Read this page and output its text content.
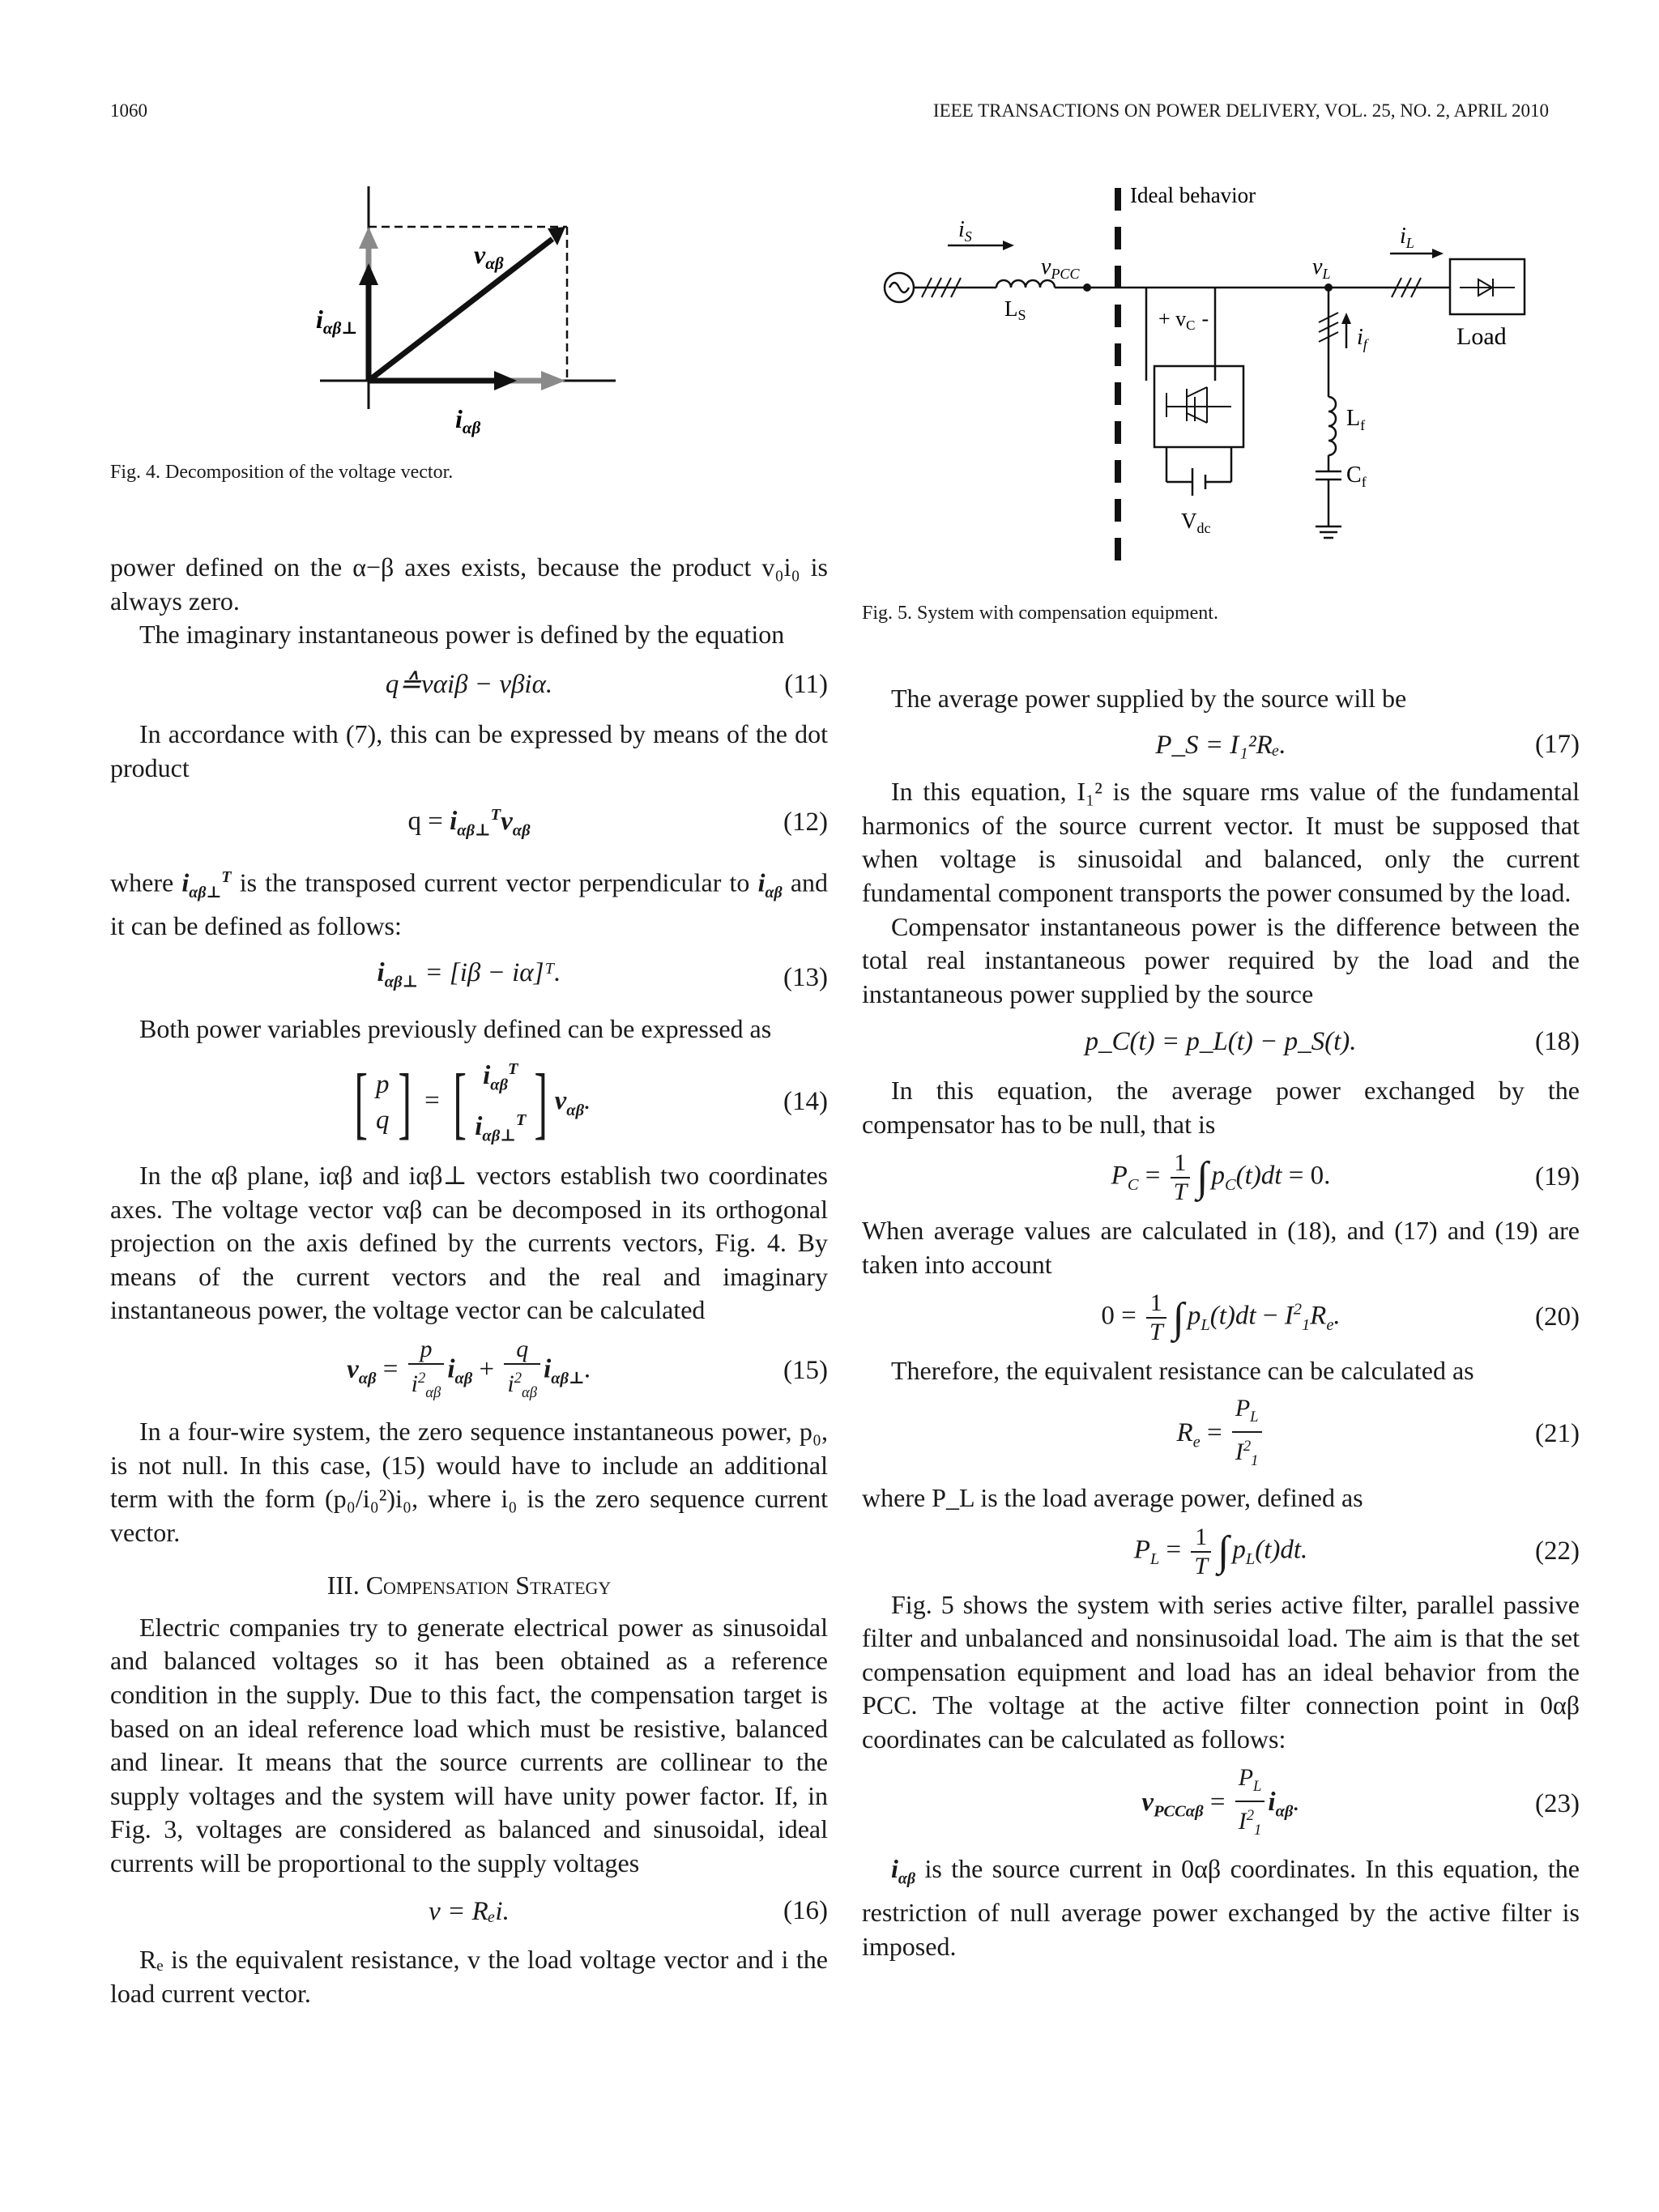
1060	IEEE TRANSACTIONS ON POWER DELIVERY, VOL. 25, NO. 2, APRIL 2010
$v_{\alpha\beta}$
$i_{\alpha\beta\perp}$
$i_{\alpha\beta}$

Fig. 4. Decomposition of the voltage vector.

Ideal behavior
LS
$i_S$
$v_{PCC}$
+ vC -
$V_{dc}$
$v_L$
$i_L$
Load
$i_f$
$L_f$
$C_f$

Fig. 5. System with compensation equipment.

power defined on the α−β axes exists, because the product v₀i₀ is always zero.

The imaginary instantaneous power is defined by the equation

q≙vαiβ − vβiα.	(11)

In accordance with (7), this can be expressed by means of the dot product

$q = i_{\alpha\beta\perp}^Tv_{\alpha\beta}$	(12)

where $i_{\alpha\beta\perp}^T$ is the transposed current vector perpendicular to $i_{\alpha\beta}$ and it can be defined as follows:

$i_{\alpha\beta\perp} = [i\beta$ − iα]ᵀ.	(13)

Both power variables previously defined can be expressed as

[ p
q ] = [ $i_{\alpha\beta}^T$
$i_{\alpha\beta\perp}^T$ ] $v_{\alpha\beta}$.	(14)

In the αβ plane, iαβ and iαβ⊥ vectors establish two coordinates axes. The voltage vector vαβ can be decomposed in its orthogonal projection on the axis defined by the currents vectors, Fig. 4. By means of the current vectors and the real and imaginary instantaneous power, the voltage vector can be calculated

$v_{\alpha\beta} = \frac{p}{i^2_{\alpha\beta}} i_{\alpha\beta} + \frac{q}{i^2_{\alpha\beta}} i_{\alpha\beta\perp}$.	(15)

In a four-wire system, the zero sequence instantaneous power, p₀, is not null. In this case, (15) would have to include an additional term with the form (p₀/i₀²)i₀, where i₀ is the zero sequence current vector.

III. Compensation Strategy

Electric companies try to generate electrical power as sinusoidal and balanced voltages so it has been obtained as a reference condition in the supply. Due to this fact, the compensation target is based on an ideal reference load which must be resistive, balanced and linear. It means that the source currents are collinear to the supply voltages and the system will have unity power factor. If, in Fig. 3, voltages are considered as balanced and sinusoidal, ideal currents will be proportional to the supply voltages

v = Rₑi.	(16)

Rₑ is the equivalent resistance, v the load voltage vector and i the load current vector.

The average power supplied by the source will be

P_S = I₁²Rₑ.	(17)

In this equation, I₁² is the square rms value of the fundamental harmonics of the source current vector. It must be supposed that when voltage is sinusoidal and balanced, only the current fundamental component transports the power consumed by the load.

Compensator instantaneous power is the difference between the total real instantaneous power required by the load and the instantaneous power supplied by the source

p_C(t) = p_L(t) − p_S(t).	(18)

In this equation, the average power exchanged by the compensator has to be null, that is

$P_C = \frac{1}{T}$ ∫ $p_C(t)dt = 0$.	(19)

When average values are calculated in (18), and (17) and (19) are taken into account

$0 = \frac{1}{T}$ ∫ $p_L(t)dt - I^2_1R_e$.	(20)

Therefore, the equivalent resistance can be calculated as

$R_e = \frac{P_L}{I^2_1}$	(21)

where P_L is the load average power, defined as

$P_L = \frac{1}{T}$ ∫ $p_L(t)dt$.	(22)

Fig. 5 shows the system with series active filter, parallel passive filter and unbalanced and nonsinusoidal load. The aim is that the set compensation equipment and load has an ideal behavior from the PCC. The voltage at the active filter connection point in 0αβ coordinates can be calculated as follows:

$v_{PCC\alpha\beta} = \frac{P_L}{I^2_1} i_{\alpha\beta}$.	(23)

$i_{\alpha\beta}$ is the source current in 0αβ coordinates. In this equation, the restriction of null average power exchanged by the active filter is imposed.
